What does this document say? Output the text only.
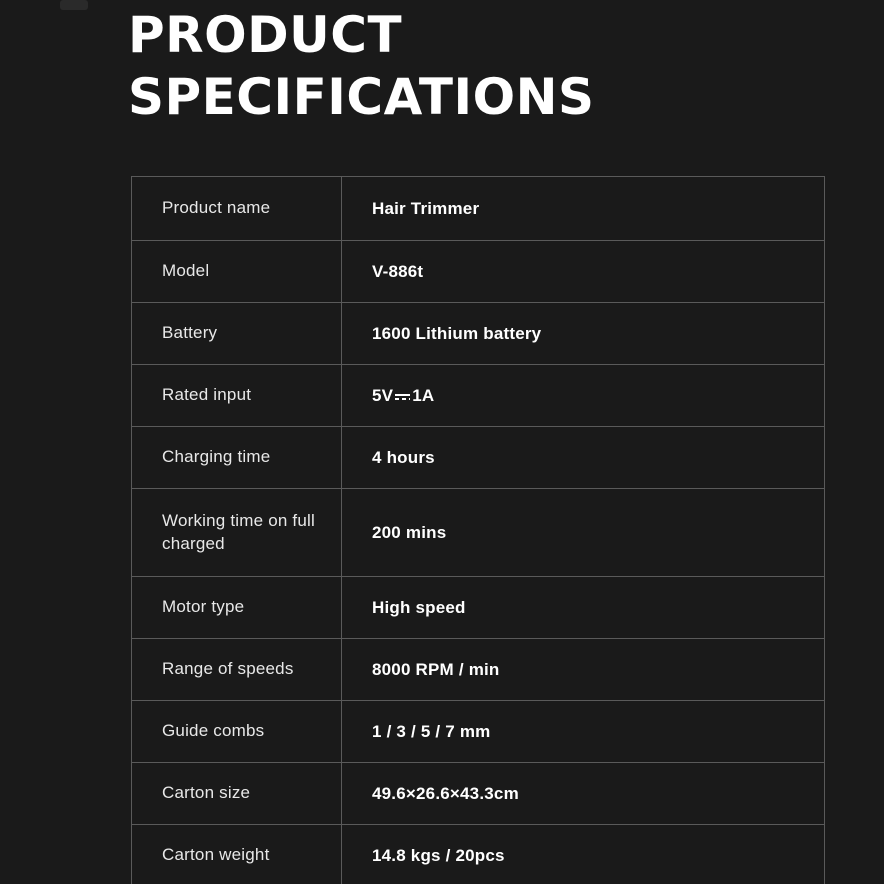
PRODUCT
SPECIFICATIONS
Product name	Hair Trimmer
Model	V-886t
Battery	1600 Lithium battery
Rated input	5V 1A
Charging time	4 hours
Working time on full charged	200 mins
Motor type	High speed
Range of speeds	8000 RPM / min
Guide combs	1 / 3 / 5 / 7 mm
Carton size	49.6×26.6×43.3cm
Carton weight	14.8 kgs / 20pcs
